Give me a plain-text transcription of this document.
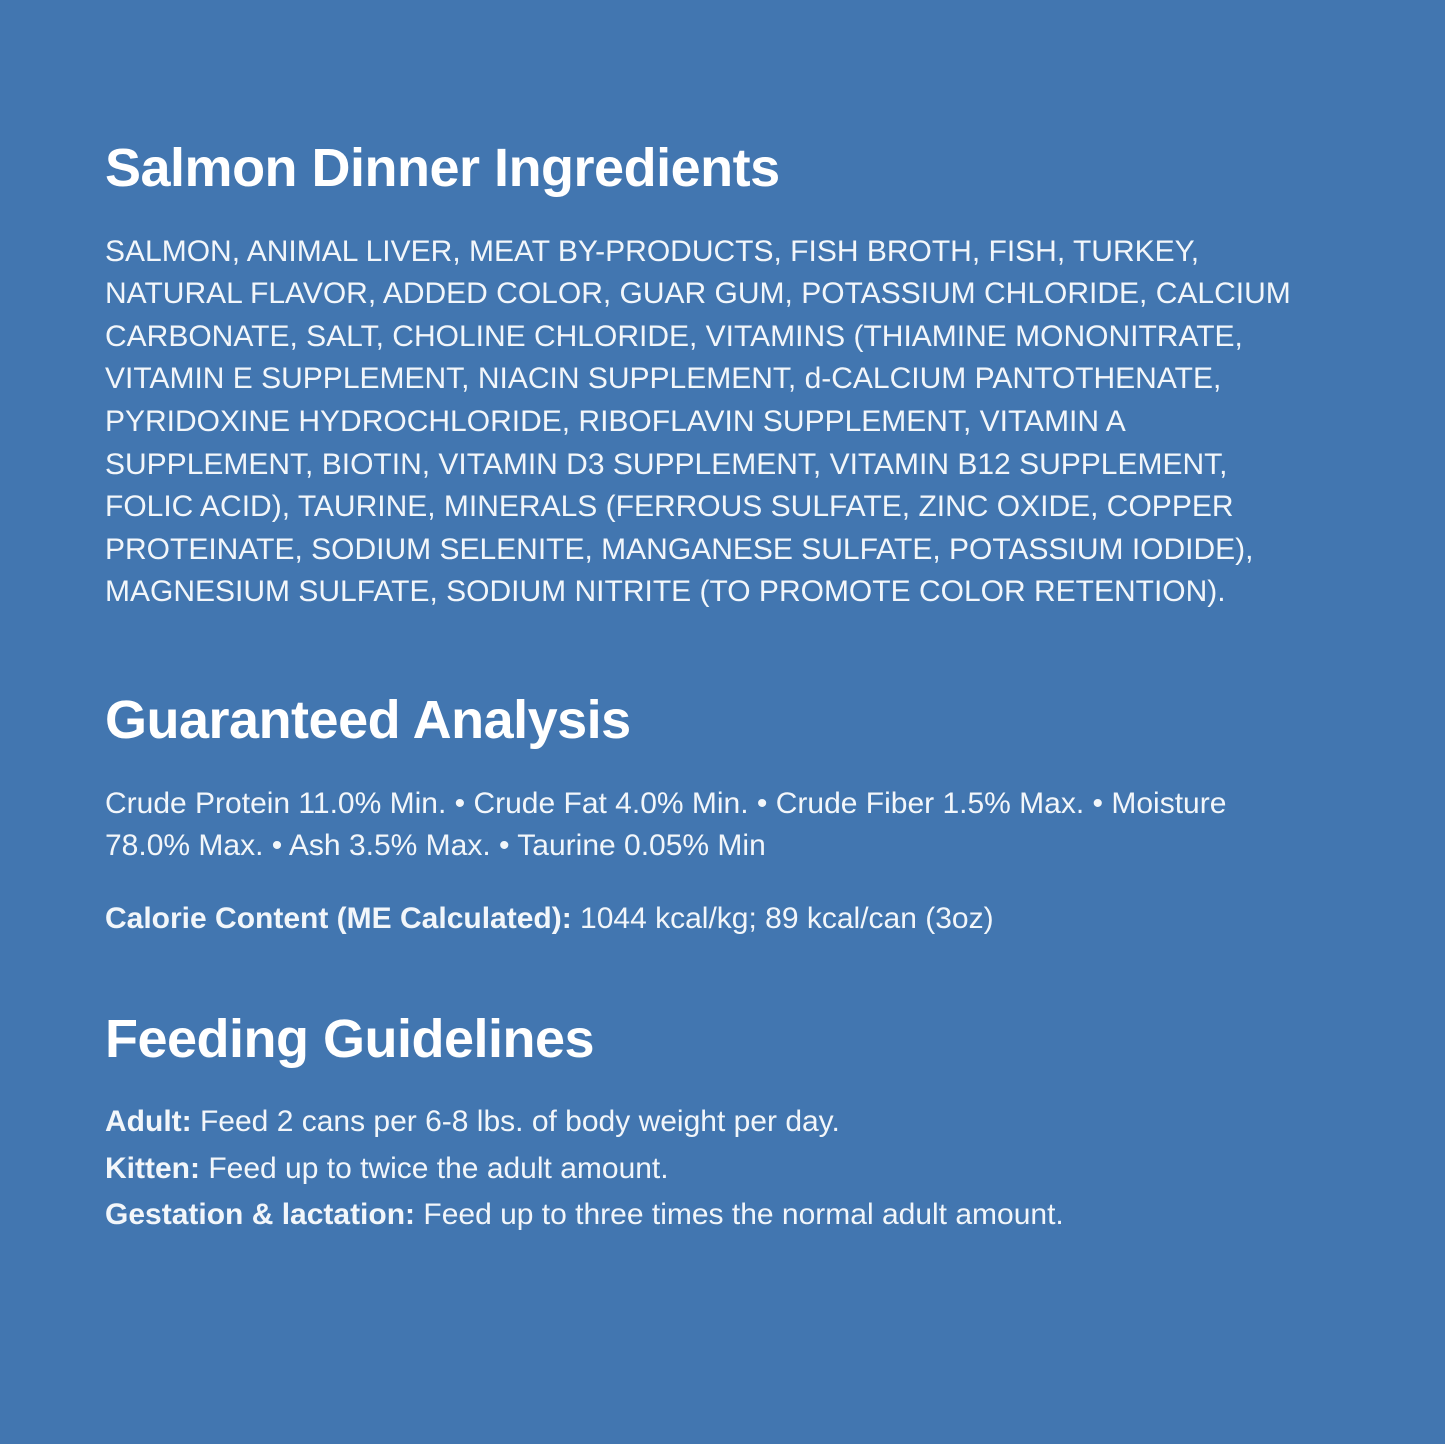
Salmon Dinner Ingredients

SALMON, ANIMAL LIVER, MEAT BY-PRODUCTS, FISH BROTH, FISH, TURKEY, NATURAL FLAVOR, ADDED COLOR, GUAR GUM, POTASSIUM CHLORIDE, CALCIUM CARBONATE, SALT, CHOLINE CHLORIDE, VITAMINS (THIAMINE MONONITRATE, VITAMIN E SUPPLEMENT, NIACIN SUPPLEMENT, d-CALCIUM PANTOTHENATE, PYRIDOXINE HYDROCHLORIDE, RIBOFLAVIN SUPPLEMENT, VITAMIN A SUPPLEMENT, BIOTIN, VITAMIN D3 SUPPLEMENT, VITAMIN B12 SUPPLEMENT, FOLIC ACID), TAURINE, MINERALS (FERROUS SULFATE, ZINC OXIDE, COPPER PROTEINATE, SODIUM SELENITE, MANGANESE SULFATE, POTASSIUM IODIDE), MAGNESIUM SULFATE, SODIUM NITRITE (TO PROMOTE COLOR RETENTION).

Guaranteed Analysis

Crude Protein 11.0% Min. • Crude Fat 4.0% Min. • Crude Fiber 1.5% Max. • Moisture 78.0% Max. • Ash 3.5% Max. • Taurine 0.05% Min

Calorie Content (ME Calculated): 1044 kcal/kg; 89 kcal/can (3oz)

Feeding Guidelines

Adult: Feed 2 cans per 6-8 lbs. of body weight per day.

Kitten: Feed up to twice the adult amount.

Gestation & lactation: Feed up to three times the normal adult amount.
